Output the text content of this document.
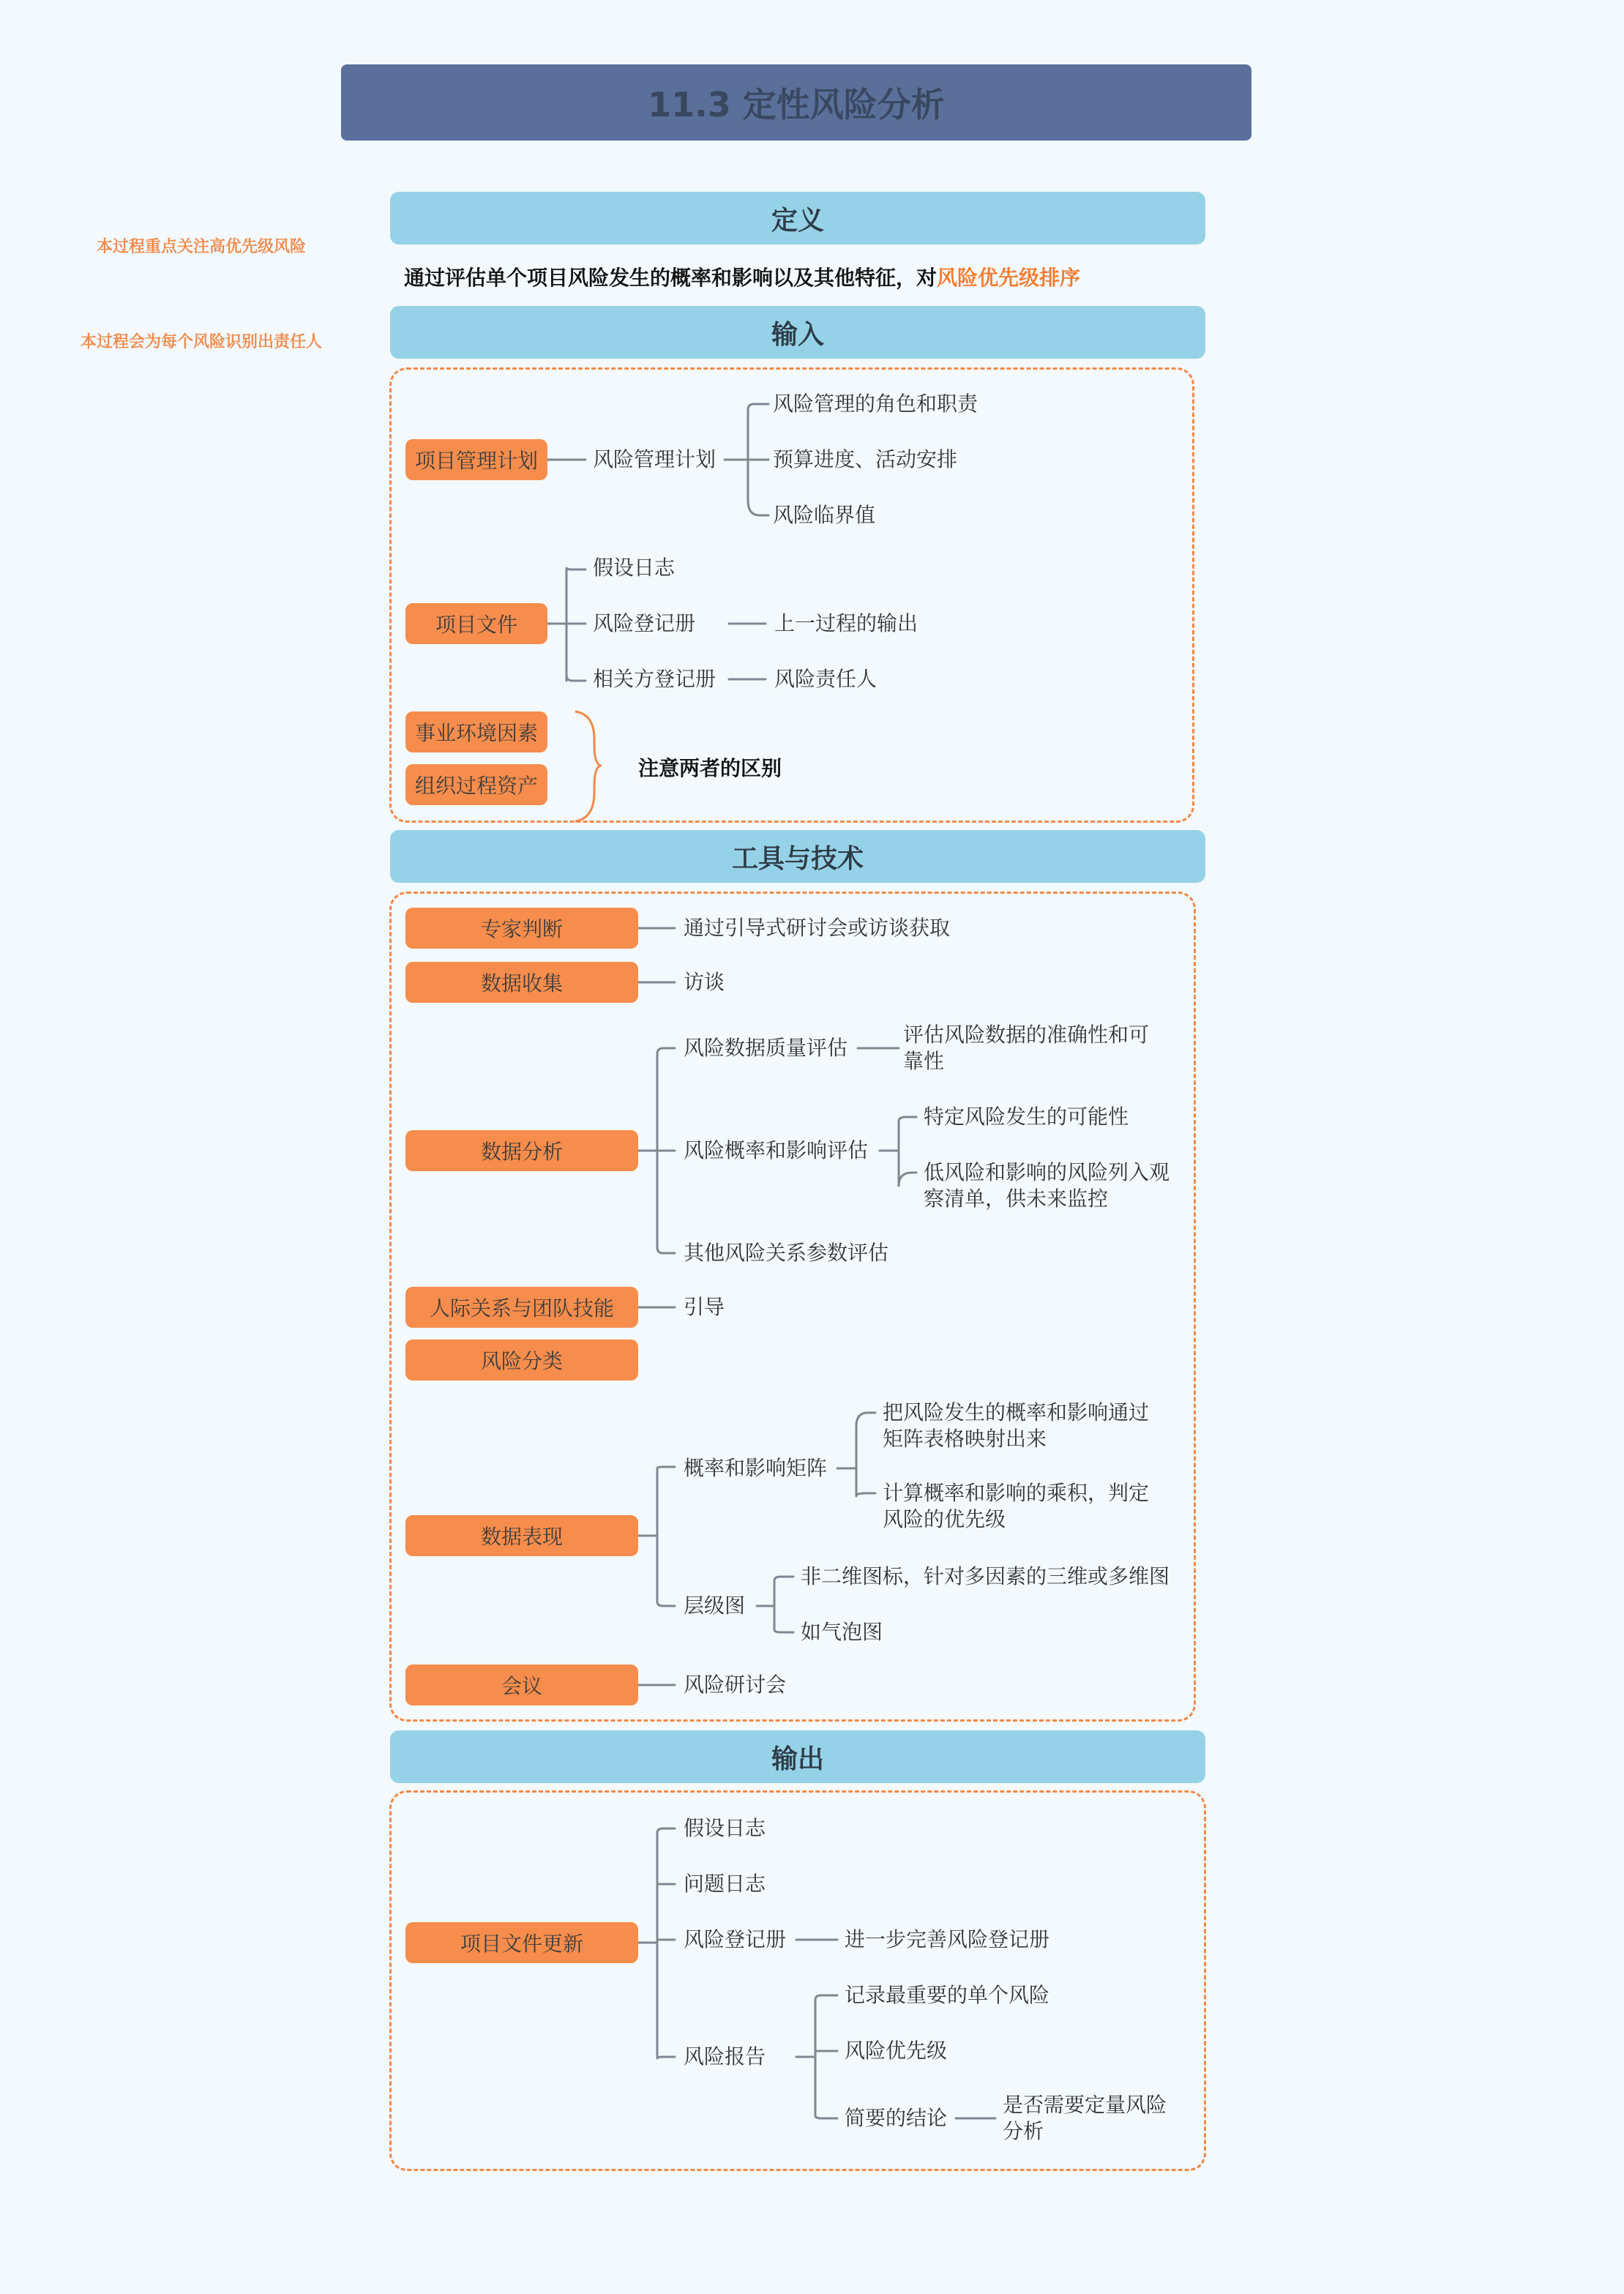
11.3 定性风险分析
本过程重点关注高优先级风险
本过程会为每个风险识别出责任人
定义
通过评估单个项目风险发生的概率和影响以及其他特征，对风险优先级排序
输入
项目管理计划	风险管理计划
风险管理的角色和职责
预算进度、活动安排
风险临界值
项目文件
假设日志
风险登记册
相关方登记册
上一过程的输出
风险责任人
事业环境因素
组织过程资产
注意两者的区别
工具与技术
专家判断	通过引导式研讨会或访谈获取
数据收集	访谈
数据分析
风险数据质量评估
评估风险数据的准确性和可靠性
风险概率和影响评估
特定风险发生的可能性
低风险和影响的风险列入观察清单，供未来监控
其他风险关系参数评估
人际关系与团队技能	引导
风险分类
数据表现
概率和影响矩阵
把风险发生的概率和影响通过矩阵表格映射出来
计算概率和影响的乘积，判定风险的优先级
层级图
非二维图标，针对多因素的三维或多维图
如气泡图
会议	风险研讨会
输出
项目文件更新
假设日志
问题日志
风险登记册
风险报告
进一步完善风险登记册
记录最重要的单个风险
风险优先级
简要的结论
是否需要定量风险分析
